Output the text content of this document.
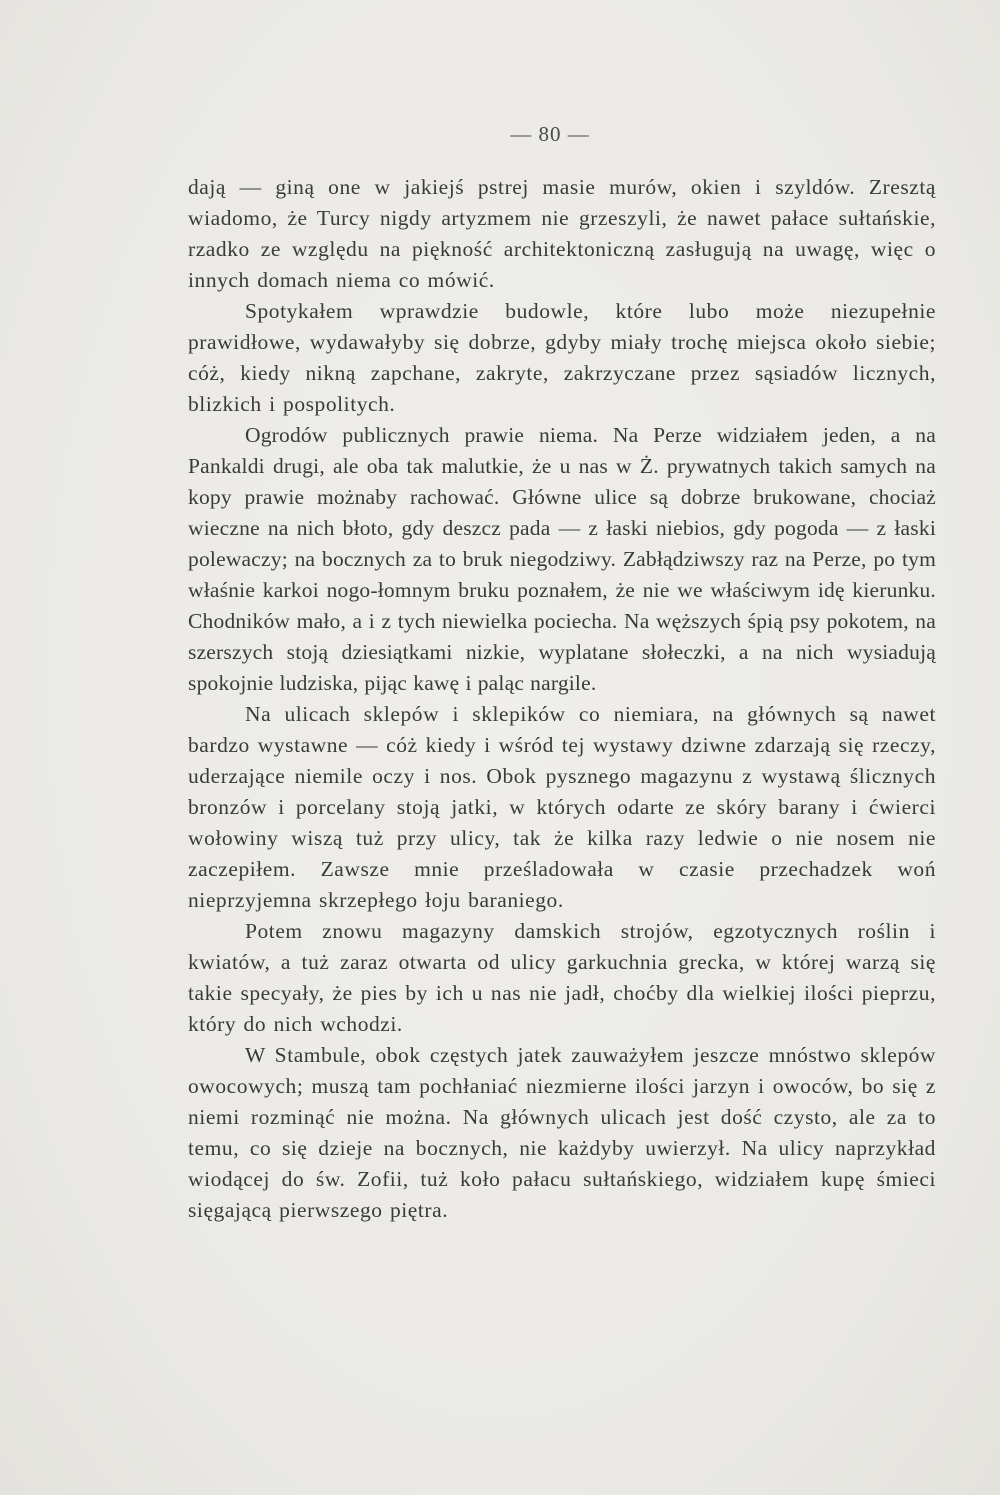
— 80 —

dają — giną one w jakiejś pstrej masie murów, okien i szyldów. Zresztą wiadomo, że Turcy nigdy artyzmem nie grzeszyli, że nawet pałace sułtańskie, rzadko ze względu na piękność architektoniczną zasługują na uwagę, więc o innych domach niema co mówić.

Spotykałem wprawdzie budowle, które lubo może niezupełnie prawidłowe, wydawałyby się dobrze, gdyby miały trochę miejsca około siebie; cóż, kiedy nikną zapchane, zakryte, zakrzyczane przez sąsiadów licznych, blizkich i pospolitych.

Ogrodów publicznych prawie niema. Na Perze widziałem jeden, a na Pankaldi drugi, ale oba tak malutkie, że u nas w Ż. prywatnych takich samych na kopy prawie możnaby rachować. Główne ulice są dobrze brukowane, chociaż wieczne na nich błoto, gdy deszcz pada — z łaski niebios, gdy pogoda — z łaski polewaczy; na bocznych za to bruk niegodziwy. Zabłądziwszy raz na Perze, po tym właśnie karkoi nogo-łomnym bruku poznałem, że nie we właściwym idę kierunku. Chodników mało, a i z tych niewielka pociecha. Na węższych śpią psy pokotem, na szerszych stoją dziesiątkami nizkie, wyplatane słołeczki, a na nich wysiadują spokojnie ludziska, pijąc kawę i paląc nargile.

Na ulicach sklepów i sklepików co niemiara, na głównych są nawet bardzo wystawne — cóż kiedy i wśród tej wystawy dziwne zdarzają się rzeczy, uderzające niemile oczy i nos. Obok pysznego magazynu z wystawą ślicznych bronzów i porcelany stoją jatki, w których odarte ze skóry barany i ćwierci wołowiny wiszą tuż przy ulicy, tak że kilka razy ledwie o nie nosem nie zaczepiłem. Zawsze mnie prześladowała w czasie przechadzek woń nieprzyjemna skrzepłego łoju baraniego.

Potem znowu magazyny damskich strojów, egzotycznych roślin i kwiatów, a tuż zaraz otwarta od ulicy garkuchnia grecka, w której warzą się takie specyały, że pies by ich u nas nie jadł, choćby dla wielkiej ilości pieprzu, który do nich wchodzi.

W Stambule, obok częstych jatek zauważyłem jeszcze mnóstwo sklepów owocowych; muszą tam pochłaniać niezmierne ilości jarzyn i owoców, bo się z niemi rozminąć nie można. Na głównych ulicach jest dość czysto, ale za to temu, co się dzieje na bocznych, nie każdyby uwierzył. Na ulicy naprzykład wiodącej do św. Zofii, tuż koło pałacu sułtańskiego, widziałem kupę śmieci sięgającą pierwszego piętra.
